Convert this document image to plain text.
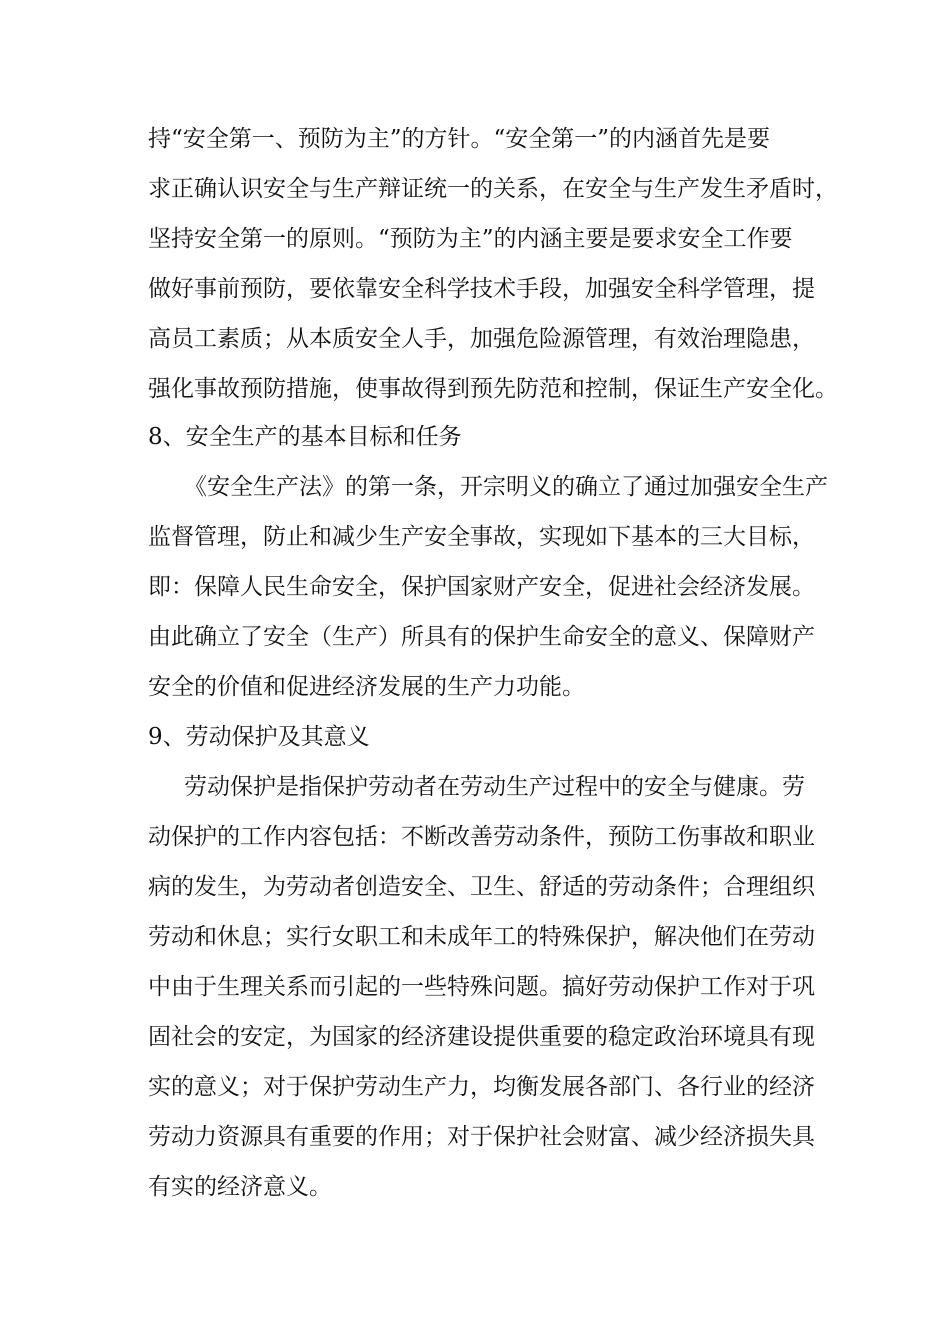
持“安全第一、预防为主”的方针。“安全第一”的内涵首先是要
求正确认识安全与生产辩证统一的关系，在安全与生产发生矛盾时，
坚持安全第一的原则。“预防为主”的内涵主要是要求安全工作要
做好事前预防，要依靠安全科学技术手段，加强安全科学管理，提
高员工素质；从本质安全人手，加强危险源管理，有效治理隐患，
强化事故预防措施，使事故得到预先防范和控制，保证生产安全化。
8、安全生产的基本目标和任务
《安全生产法》的第一条，开宗明义的确立了通过加强安全生产
监督管理，防止和减少生产安全事故，实现如下基本的三大目标，
即：保障人民生命安全，保护国家财产安全，促进社会经济发展。
由此确立了安全（生产）所具有的保护生命安全的意义、保障财产
安全的价值和促进经济发展的生产力功能。
9、劳动保护及其意义
劳动保护是指保护劳动者在劳动生产过程中的安全与健康。劳
动保护的工作内容包括：不断改善劳动条件，预防工伤事故和职业
病的发生，为劳动者创造安全、卫生、舒适的劳动条件；合理组织
劳动和休息；实行女职工和未成年工的特殊保护，解决他们在劳动
中由于生理关系而引起的一些特殊问题。搞好劳动保护工作对于巩
固社会的安定，为国家的经济建设提供重要的稳定政治环境具有现
实的意义；对于保护劳动生产力，均衡发展各部门、各行业的经济
劳动力资源具有重要的作用；对于保护社会财富、减少经济损失具
有实的经济意义。
